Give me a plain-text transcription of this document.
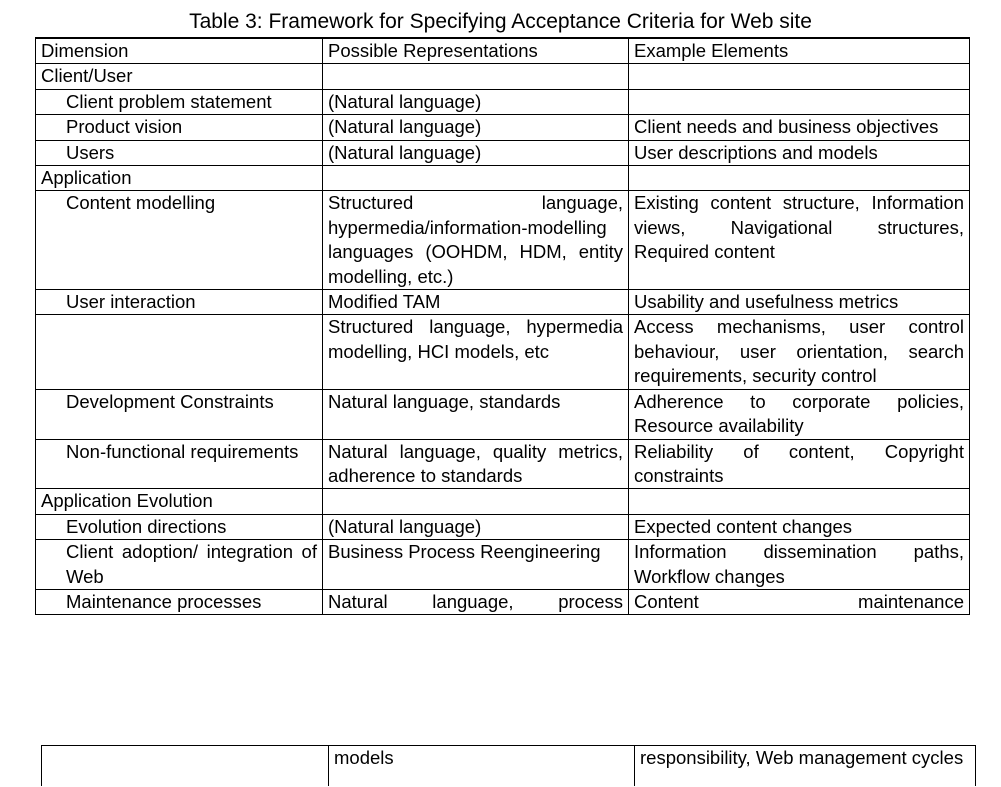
Table 3: Framework for Specifying Acceptance Criteria for Web site
Dimension	Possible Representations	Example Elements
Client/User		
Client problem statement	(Natural language)	
Product vision	(Natural language)	Client needs and business objectives
Users	(Natural language)	User descriptions and models
Application		
Content modelling	Structured language, hypermedia/information-modelling languages (OOHDM, HDM, entity modelling, etc.)	Existing content structure, Information views, Navigational structures, Required content
User interaction	Modified TAM	Usability and usefulness metrics
	Structured language, hypermedia modelling, HCI models, etc	Access mechanisms, user control behaviour, user orientation, search requirements, security control
Development Constraints	Natural language, standards	Adherence to corporate policies, Resource availability
Non-functional requirements	Natural language, quality metrics, adherence to standards	Reliability of content, Copyright constraints
Application Evolution		
Evolution directions	(Natural language)	Expected content changes
Client adoption/ integration of Web	Business Process Reengineering	Information dissemination paths, Workflow changes
Maintenance processes	Natural language, process	Content maintenance
	models	responsibility, Web management cycles
